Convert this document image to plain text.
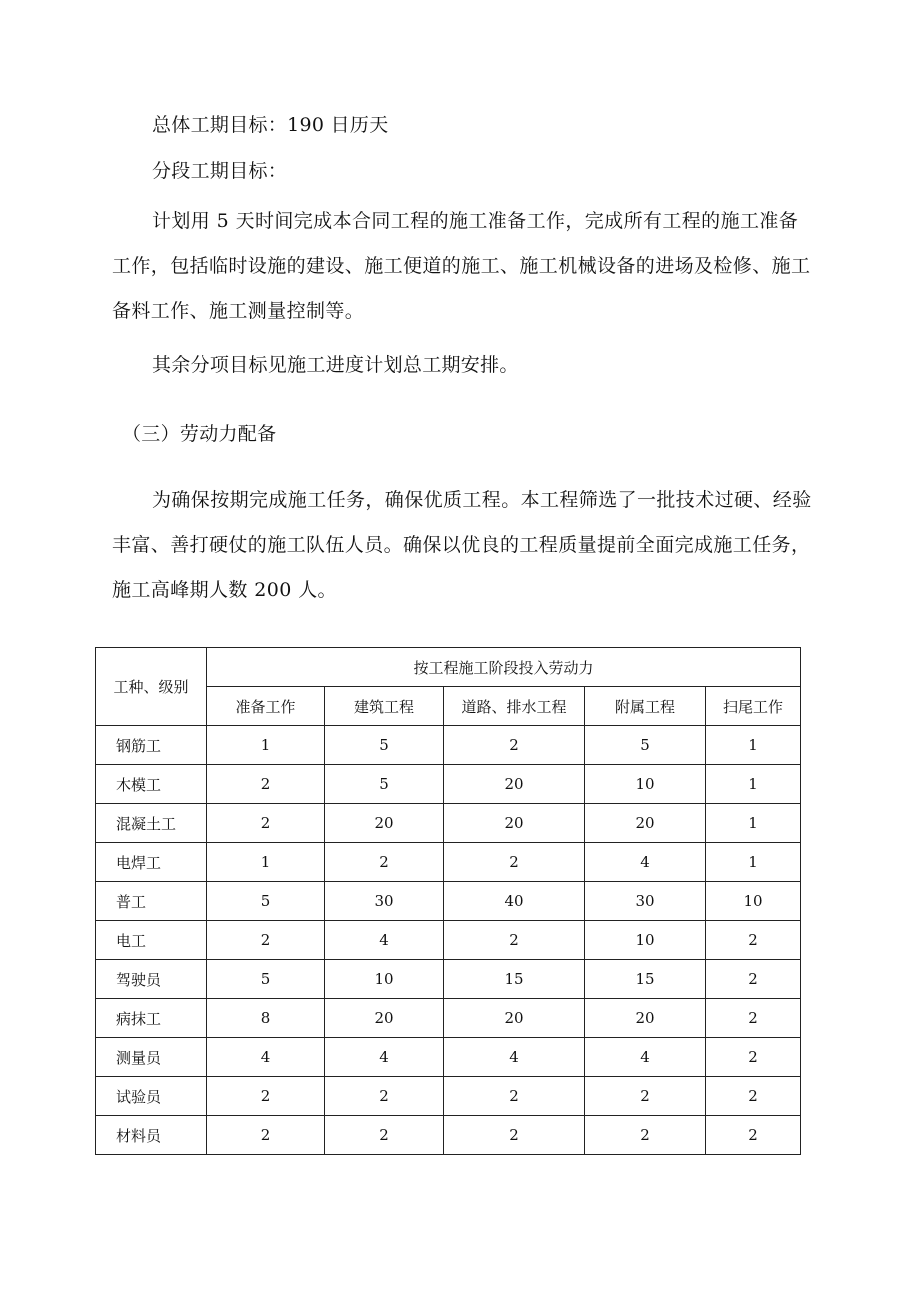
总体工期目标：190 日历天

分段工期目标：

计划用 5 天时间完成本合同工程的施工准备工作，完成所有工程的施工准备工作，包括临时设施的建设、施工便道的施工、施工机械设备的进场及检修、施工备料工作、施工测量控制等。

其余分项目标见施工进度计划总工期安排。

（三）劳动力配备

为确保按期完成施工任务，确保优质工程。本工程筛选了一批技术过硬、经验丰富、善打硬仗的施工队伍人员。确保以优良的工程质量提前全面完成施工任务，施工高峰期人数 200 人。

工种、级别	按工程施工阶段投入劳动力				
	准备工作	建筑工程	道路、排水工程	附属工程	扫尾工作
钢筋工	1	5	2	5	1
木模工	2	5	20	10	1
混凝土工	2	20	20	20	1
电焊工	1	2	2	4	1
普工	5	30	40	30	10
电工	2	4	2	10	2
驾驶员	5	10	15	15	2
病抹工	8	20	20	20	2
测量员	4	4	4	4	2
试验员	2	2	2	2	2
材料员	2	2	2	2	2
